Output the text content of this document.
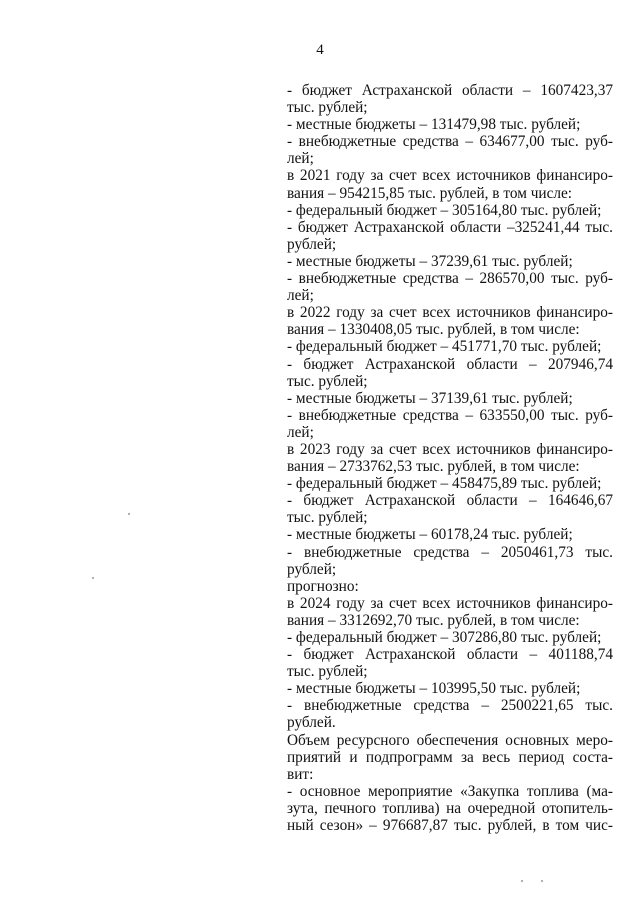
4
- бюджет Астраханской области – 1607423,37
тыс. рублей;
- местные бюджеты – 131479,98 тыс. рублей;
- внебюджетные средства – 634677,00 тыс. руб-
лей;
в 2021 году за счет всех источников финансиро-
вания – 954215,85 тыс. рублей, в том числе:
- федеральный бюджет – 305164,80 тыс. рублей;
- бюджет Астраханской области –325241,44 тыс.
рублей;
- местные бюджеты – 37239,61 тыс. рублей;
- внебюджетные средства – 286570,00 тыс. руб-
лей;
в 2022 году за счет всех источников финансиро-
вания – 1330408,05 тыс. рублей, в том числе:
- федеральный бюджет – 451771,70 тыс. рублей;
- бюджет Астраханской области – 207946,74
тыс. рублей;
- местные бюджеты – 37139,61 тыс. рублей;
- внебюджетные средства – 633550,00 тыс. руб-
лей;
в 2023 году за счет всех источников финансиро-
вания – 2733762,53 тыс. рублей, в том числе:
- федеральный бюджет – 458475,89 тыс. рублей;
- бюджет Астраханской области – 164646,67
тыс. рублей;
- местные бюджеты – 60178,24 тыс. рублей;
- внебюджетные средства – 2050461,73 тыс.
рублей;
прогнозно:
в 2024 году за счет всех источников финансиро-
вания – 3312692,70 тыс. рублей, в том числе:
- федеральный бюджет – 307286,80 тыс. рублей;
- бюджет Астраханской области – 401188,74
тыс. рублей;
- местные бюджеты – 103995,50 тыс. рублей;
- внебюджетные средства – 2500221,65 тыс.
рублей.
Объем ресурсного обеспечения основных меро-
приятий и подпрограмм за весь период соста-
вит:
- основное мероприятие «Закупка топлива (ма-
зута, печного топлива) на очередной отопитель-
ный сезон» – 976687,87 тыс. рублей, в том чис-
